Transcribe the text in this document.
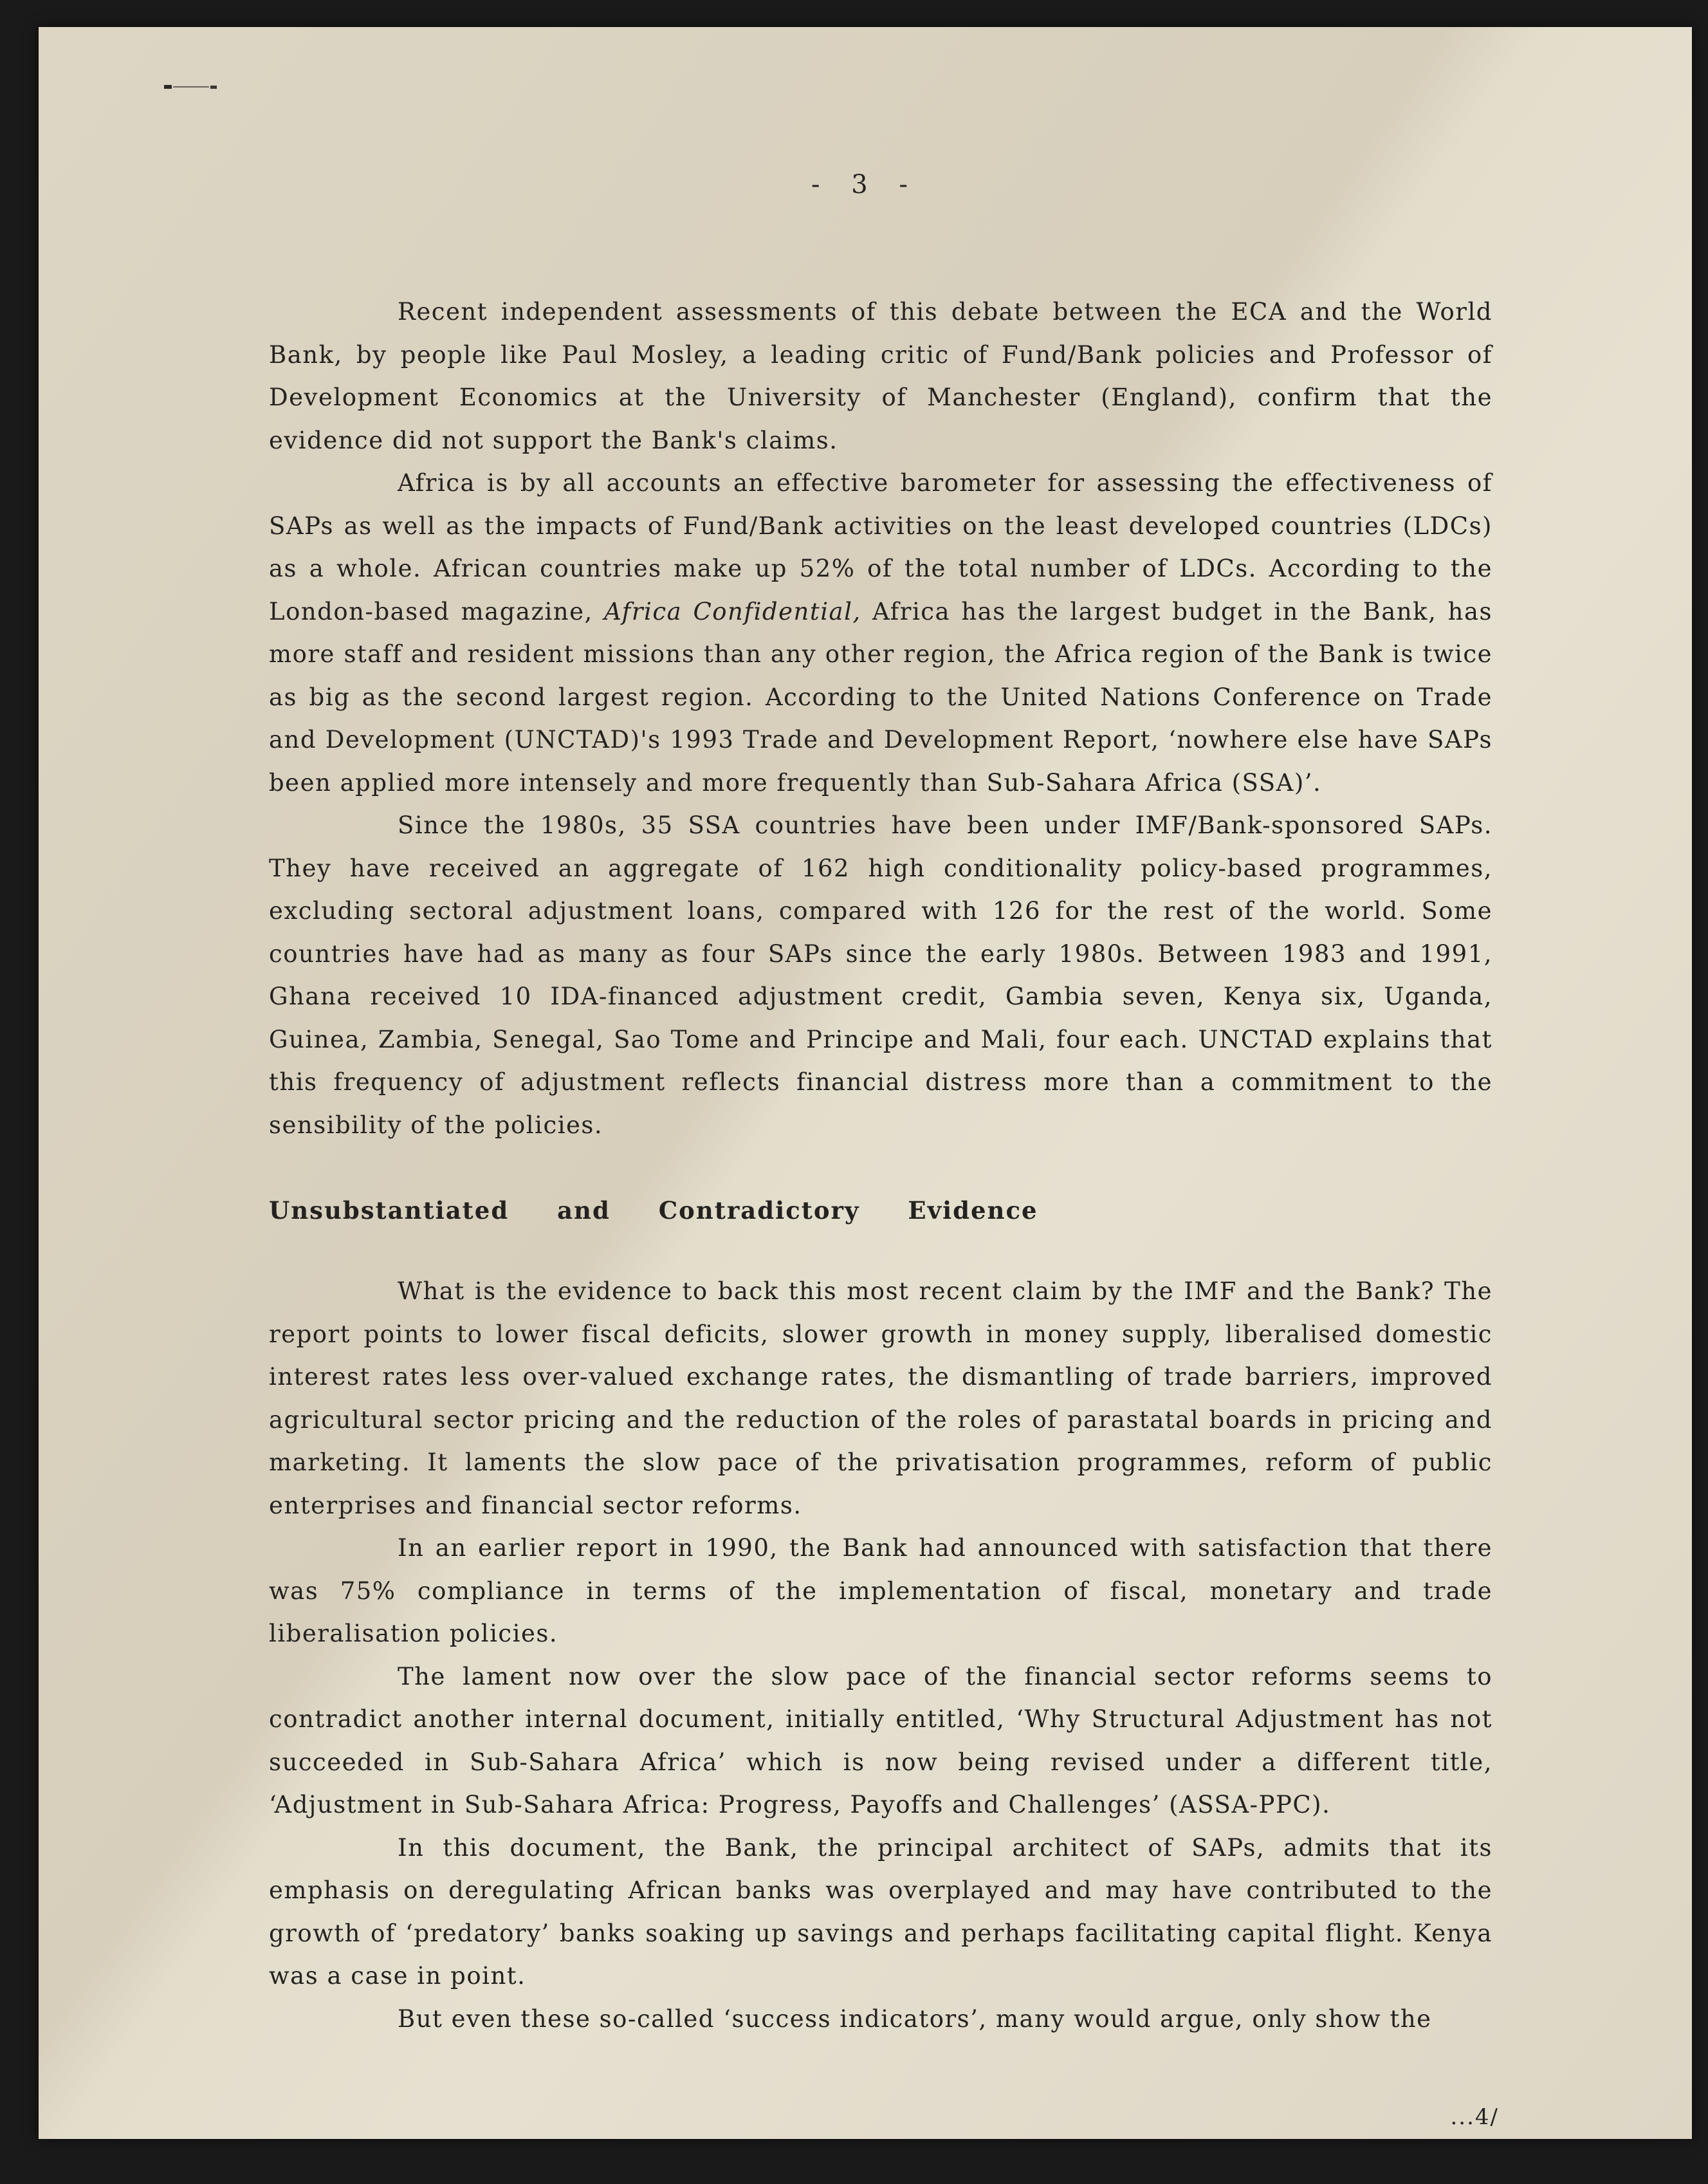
- 3 -

Recent independent assessments of this debate between the ECA and the World Bank, by people like Paul Mosley, a leading critic of Fund/Bank policies and Professor of Development Economics at the University of Manchester (England), confirm that the evidence did not support the Bank's claims.

Africa is by all accounts an effective barometer for assessing the effectiveness of SAPs as well as the impacts of Fund/Bank activities on the least developed countries (LDCs) as a whole. African countries make up 52% of the total number of LDCs. According to the London-based magazine, Africa Confidential, Africa has the largest budget in the Bank, has more staff and resident missions than any other region, the Africa region of the Bank is twice as big as the second largest region. According to the United Nations Conference on Trade and Development (UNCTAD)'s 1993 Trade and Development Report, ‘nowhere else have SAPs been applied more intensely and more frequently than Sub-Sahara Africa (SSA)’.

Since the 1980s, 35 SSA countries have been under IMF/Bank-sponsored SAPs. They have received an aggregate of 162 high conditionality policy-based programmes, excluding sectoral adjustment loans, compared with 126 for the rest of the world. Some countries have had as many as four SAPs since the early 1980s. Between 1983 and 1991, Ghana received 10 IDA-financed adjustment credit, Gambia seven, Kenya six, Uganda, Guinea, Zambia, Senegal, Sao Tome and Principe and Mali, four each. UNCTAD explains that this frequency of adjustment reflects financial distress more than a commitment to the sensibility of the policies.

Unsubstantiated and Contradictory Evidence

What is the evidence to back this most recent claim by the IMF and the Bank? The report points to lower fiscal deficits, slower growth in money supply, liberalised domestic interest rates less over-valued exchange rates, the dismantling of trade barriers, improved agricultural sector pricing and the reduction of the roles of parastatal boards in pricing and marketing. It laments the slow pace of the privatisation programmes, reform of public enterprises and financial sector reforms.

In an earlier report in 1990, the Bank had announced with satisfaction that there was 75% compliance in terms of the implementation of fiscal, monetary and trade liberalisation policies.

The lament now over the slow pace of the financial sector reforms seems to contradict another internal document, initially entitled, ‘Why Structural Adjustment has not succeeded in Sub-Sahara Africa’ which is now being revised under a different title, ‘Adjustment in Sub-Sahara Africa: Progress, Payoffs and Challenges’ (ASSA-PPC).

In this document, the Bank, the principal architect of SAPs, admits that its emphasis on deregulating African banks was overplayed and may have contributed to the growth of ‘predatory’ banks soaking up savings and perhaps facilitating capital flight. Kenya was a case in point.

But even these so-called ‘success indicators’, many would argue, only show the

...4/
